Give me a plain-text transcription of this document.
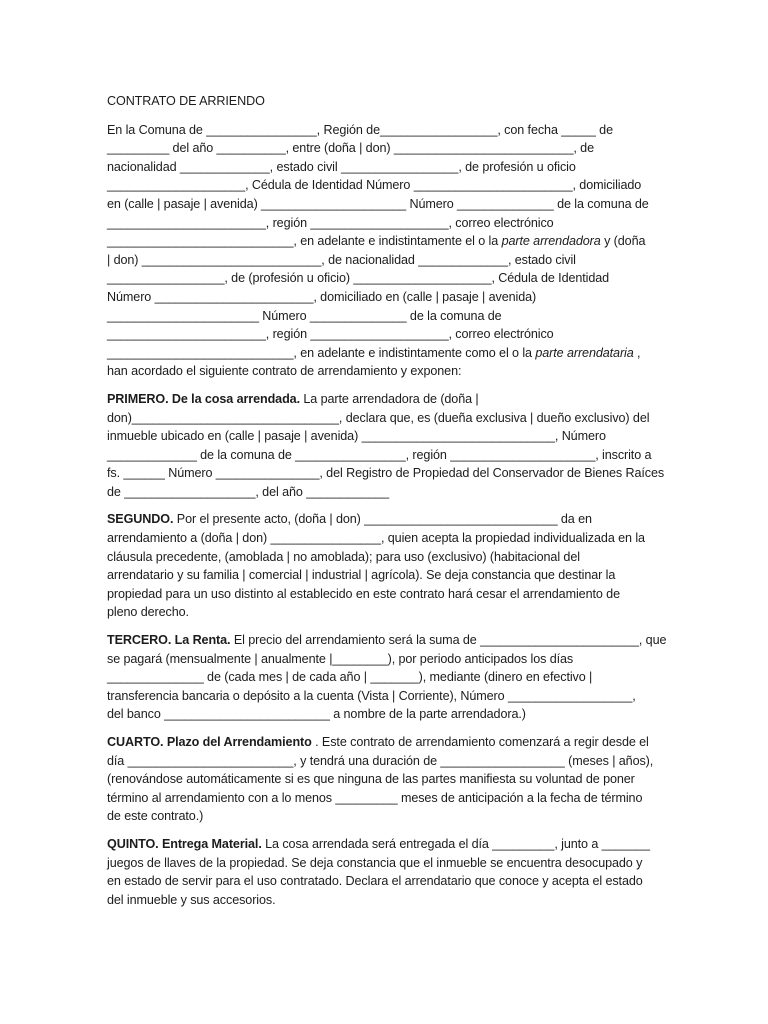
CONTRATO DE ARRIENDO

En la Comuna de ________________, Región de_________________, con fecha _____ de
_________ del año __________, entre (doña | don) __________________________, de
nacionalidad _____________, estado civil _________________, de profesión u oficio
____________________, Cédula de Identidad Número _______________________, domiciliado
en (calle | pasaje | avenida) _____________________ Número ______________ de la comuna de
_______________________, región ____________________, correo electrónico
___________________________, en adelante e indistintamente el o la parte arrendadora y (doña
| don) __________________________, de nacionalidad _____________, estado civil
_________________, de (profesión u oficio) ____________________, Cédula de Identidad
Número _______________________, domiciliado en (calle | pasaje | avenida)
______________________ Número ______________ de la comuna de
_______________________, región ____________________, correo electrónico
___________________________, en adelante e indistintamente como el o la parte arrendataria ,
han acordado el siguiente contrato de arrendamiento y exponen:
PRIMERO. De la cosa arrendada. La parte arrendadora de (doña |
don)______________________________, declara que, es (dueña exclusiva | dueño exclusivo) del
inmueble ubicado en (calle | pasaje | avenida) ____________________________, Número
_____________ de la comuna de ________________, región _____________________, inscrito a
fs. ______ Número _______________, del Registro de Propiedad del Conservador de Bienes Raíces
de ___________________, del año ____________
SEGUNDO. Por el presente acto, (doña | don) ____________________________ da en
arrendamiento a (doña | don) ________________, quien acepta la propiedad individualizada en la
cláusula precedente, (amoblada | no amoblada); para uso (exclusivo) (habitacional del
arrendatario y su familia | comercial | industrial | agrícola). Se deja constancia que destinar la
propiedad para un uso distinto al establecido en este contrato hará cesar el arrendamiento de
pleno derecho.
TERCERO. La Renta. El precio del arrendamiento será la suma de _______________________, que
se pagará (mensualmente | anualmente |________), por periodo anticipados los días
______________ de (cada mes | de cada año | _______), mediante (dinero en efectivo |
transferencia bancaria o depósito a la cuenta (Vista | Corriente), Número __________________,
del banco ________________________ a nombre de la parte arrendadora.)
CUARTO. Plazo del Arrendamiento . Este contrato de arrendamiento comenzará a regir desde el
día ________________________, y tendrá una duración de __________________ (meses | años),
(renovándose automáticamente si es que ninguna de las partes manifiesta su voluntad de poner
término al arrendamiento con a lo menos _________ meses de anticipación a la fecha de término
de este contrato.)
QUINTO. Entrega Material. La cosa arrendada será entregada el día _________, junto a _______
juegos de llaves de la propiedad. Se deja constancia que el inmueble se encuentra desocupado y
en estado de servir para el uso contratado. Declara el arrendatario que conoce y acepta el estado
del inmueble y sus accesorios.
